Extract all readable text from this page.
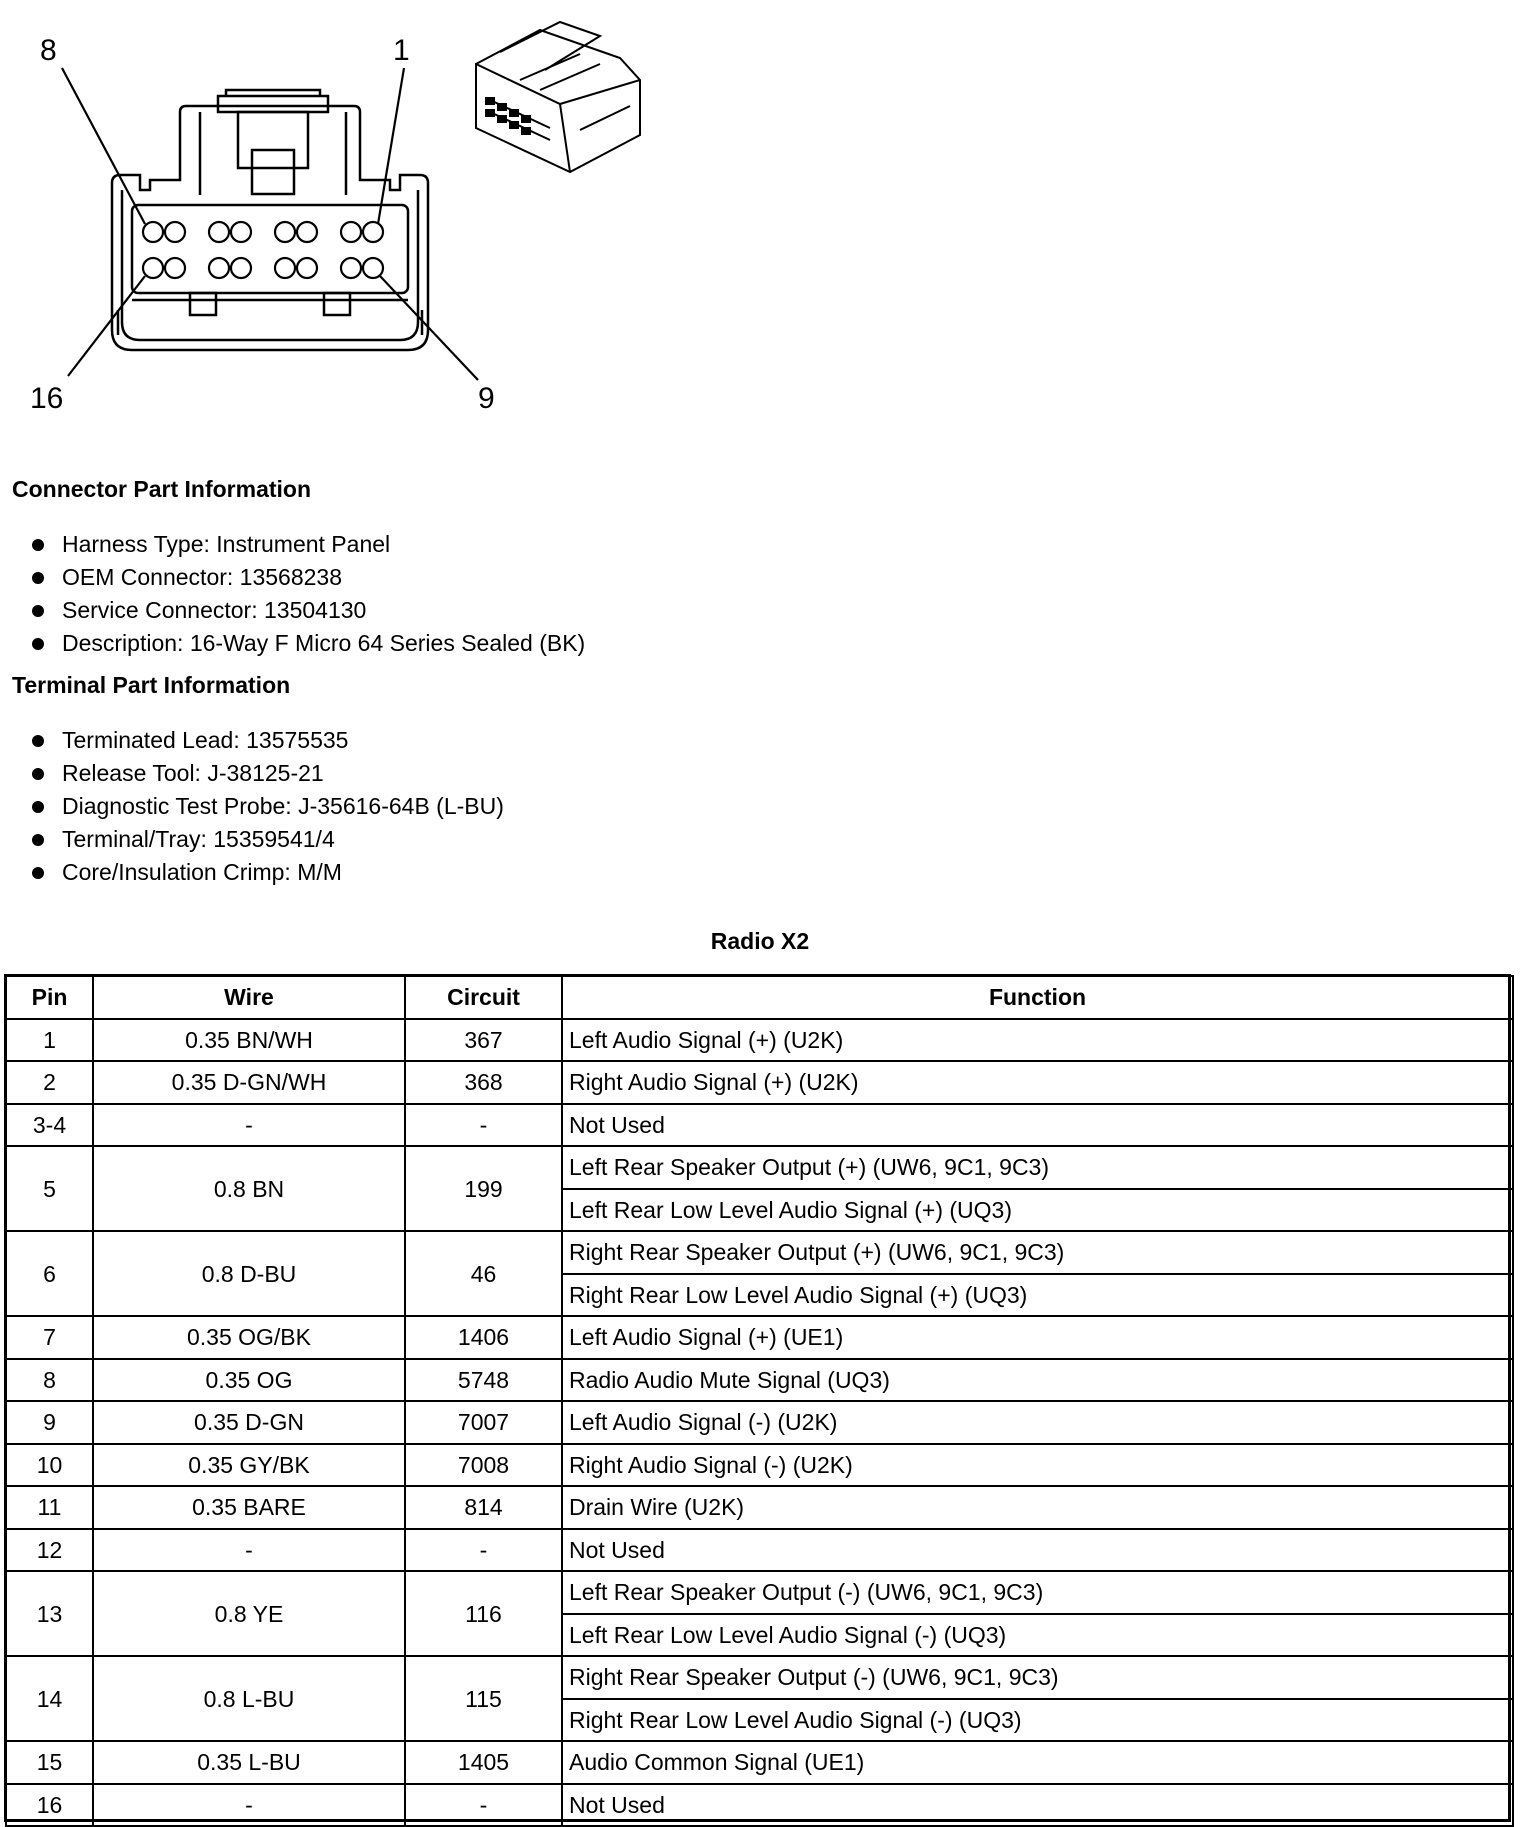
8	1
16	9
Connector Part Information
Harness Type: Instrument Panel
OEM Connector: 13568238
Service Connector: 13504130
Description: 16-Way F Micro 64 Series Sealed (BK)
Terminal Part Information
Terminated Lead: 13575535
Release Tool: J-38125-21
Diagnostic Test Probe: J-35616-64B (L-BU)
Terminal/Tray: 15359541/4
Core/Insulation Crimp: M/M
Radio X2
Pin	Wire	Circuit	Function
1	0.35 BN/WH	367	Left Audio Signal (+) (U2K)
2	0.35 D-GN/WH	368	Right Audio Signal (+) (U2K)
3-4	-	-	Not Used
5	0.8 BN	199	Left Rear Speaker Output (+) (UW6, 9C1, 9C3)
			Left Rear Low Level Audio Signal (+) (UQ3)
6	0.8 D-BU	46	Right Rear Speaker Output (+) (UW6, 9C1, 9C3)
			Right Rear Low Level Audio Signal (+) (UQ3)
7	0.35 OG/BK	1406	Left Audio Signal (+) (UE1)
8	0.35 OG	5748	Radio Audio Mute Signal (UQ3)
9	0.35 D-GN	7007	Left Audio Signal (-) (U2K)
10	0.35 GY/BK	7008	Right Audio Signal (-) (U2K)
11	0.35 BARE	814	Drain Wire (U2K)
12	-	-	Not Used
13	0.8 YE	116	Left Rear Speaker Output (-) (UW6, 9C1, 9C3)
			Left Rear Low Level Audio Signal (-) (UQ3)
14	0.8 L-BU	115	Right Rear Speaker Output (-) (UW6, 9C1, 9C3)
			Right Rear Low Level Audio Signal (-) (UQ3)
15	0.35 L-BU	1405	Audio Common Signal (UE1)
16	-	-	Not Used
